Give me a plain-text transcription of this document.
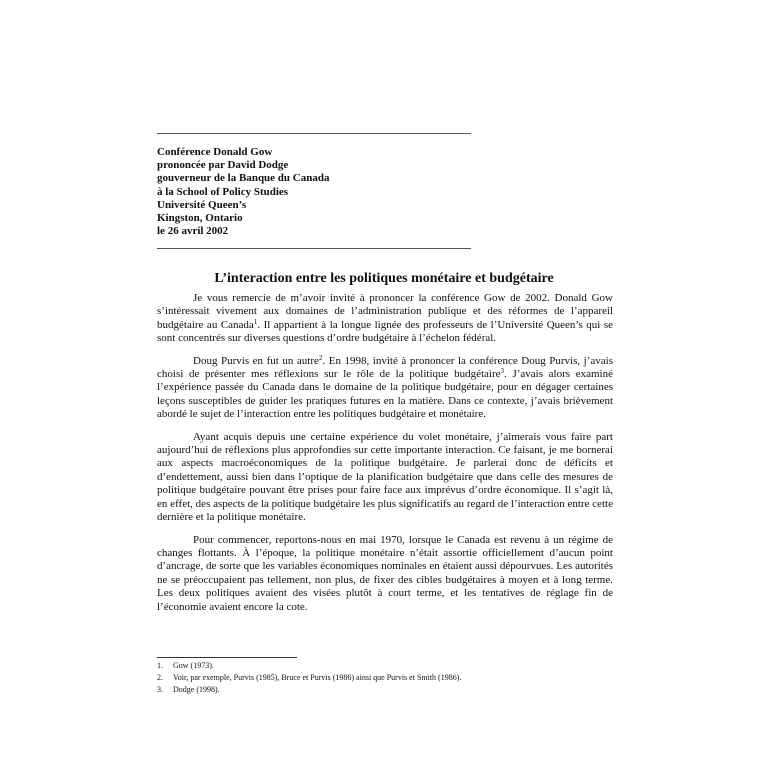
Conférence Donald Gow
prononcée par David Dodge
gouverneur de la Banque du Canada
à la School of Policy Studies
Université Queen’s
Kingston, Ontario
le 26 avril 2002
L’interaction entre les politiques monétaire et budgétaire

Je vous remercie de m’avoir invité à prononcer la conférence Gow de 2002. Donald Gow s’intéressait vivement aux domaines de l’administration publique et des réformes de l’appareil budgétaire au Canada$^1$. Il appartient à la longue lignée des professeurs de l’Université Queen’s qui se sont concentrés sur diverses questions d’ordre budgétaire à l’échelon fédéral.

Doug Purvis en fut un autre$^2$. En 1998, invité à prononcer la conférence Doug Purvis, j’avais choisi de présenter mes réflexions sur le rôle de la politique budgétaire$^3$. J’avais alors examiné l’expérience passée du Canada dans le domaine de la politique budgétaire, pour en dégager certaines leçons susceptibles de guider les pratiques futures en la matière. Dans ce contexte, j’avais brièvement abordé le sujet de l’interaction entre les politiques budgétaire et monétaire.

Ayant acquis depuis une certaine expérience du volet monétaire, j’aimerais vous faire part aujourd’hui de réflexions plus approfondies sur cette importante interaction. Ce faisant, je me bornerai aux aspects macroéconomiques de la politique budgétaire. Je parlerai donc de déficits et d’endettement, aussi bien dans l’optique de la planification budgétaire que dans celle des mesures de politique budgétaire pouvant être prises pour faire face aux imprévus d’ordre économique. Il s’agit là, en effet, des aspects de la politique budgétaire les plus significatifs au regard de l’interaction entre cette dernière et la politique monétaire.

Pour commencer, reportons-nous en mai 1970, lorsque le Canada est revenu à un régime de changes flottants. À l’époque, la politique monétaire n’était assortie officiellement d’aucun point d’ancrage, de sorte que les variables économiques nominales en étaient aussi dépourvues. Les autorités ne se préoccupaient pas tellement, non plus, de fixer des cibles budgétaires à moyen et à long terme. Les deux politiques avaient des visées plutôt à court terme, et les tentatives de réglage fin de l’économie avaient encore la cote.

1.	Gow (1973).
2.	Voir, par exemple, Purvis (1985), Bruce et Purvis (1986) ainsi que Purvis et Smith (1986).
3.	Dodge (1998).
